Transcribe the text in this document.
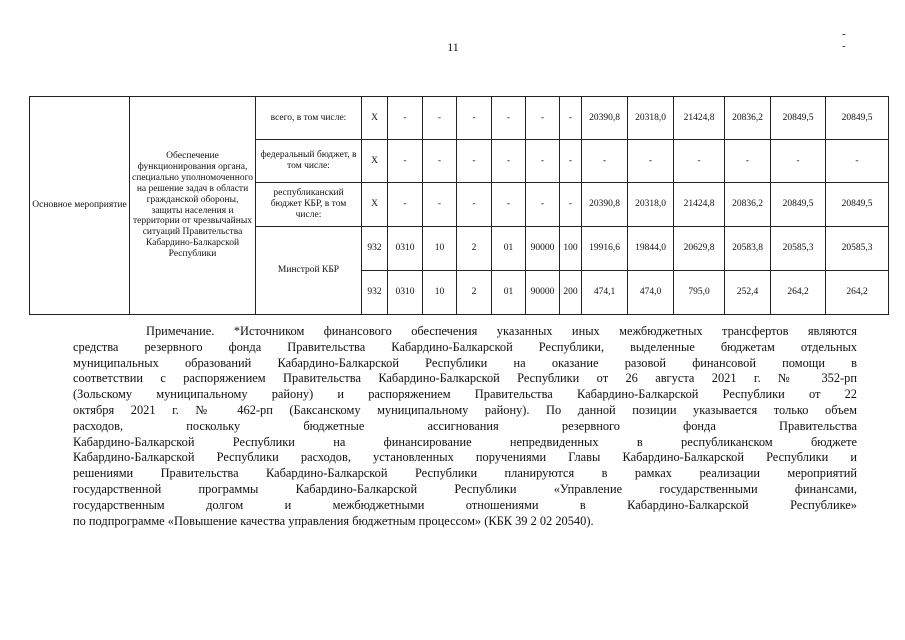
11
- -
Основное мероприятие	Обеспечение функционирования органа, специально уполномоченного на решение задач в области гражданской обороны, защиты населения и территории от чрезвычайных ситуаций Правительства Кабардино-Балкарской Республики	всего, в том числе:	X	-	-	-	-	-	-	20390,8	20318,0	21424,8	20836,2	20849,5	20849,5
		федеральный бюджет, в том числе:	X	-	-	-	-	-	-	-	-	-	-	-	-
		республиканский бюджет КБР, в том числе:	X	-	-	-	-	-	-	20390,8	20318,0	21424,8	20836,2	20849,5	20849,5
		Минстрой КБР	932	0310	10	2	01	90000	100	19916,6	19844,0	20629,8	20583,8	20585,3	20585,3
			932	0310	10	2	01	90000	200	474,1	474,0	795,0	252,4	264,2	264,2
Примечание. *Источником финансового обеспечения указанных иных межбюджетных трансфертов являются
средства резервного фонда Правительства Кабардино-Балкарской Республики, выделенные бюджетам отдельных
муниципальных образований Кабардино-Балкарской Республики на оказание разовой финансовой помощи в
соответствии с распоряжением Правительства Кабардино-Балкарской Республики от 26 августа 2021 г. № 352-рп
(Зольскому муниципальному району) и распоряжением Правительства Кабардино-Балкарской Республики от 22
октября 2021 г. № 462-рп (Баксанскому муниципальному району). По данной позиции указывается только объем
расходов, поскольку бюджетные ассигнования резервного фонда Правительства
Кабардино-Балкарской Республики на финансирование непредвиденных в республиканском бюджете
Кабардино-Балкарской Республики расходов, установленных поручениями Главы Кабардино-Балкарской Республики и
решениями Правительства Кабардино-Балкарской Республики планируются в рамках реализации мероприятий
государственной программы Кабардино-Балкарской Республики «Управление государственными финансами,
государственным долгом и межбюджетными отношениями в Кабардино-Балкарской Республике»
по подпрограмме «Повышение качества управления бюджетным процессом» (КБК 39 2 02 20540).
